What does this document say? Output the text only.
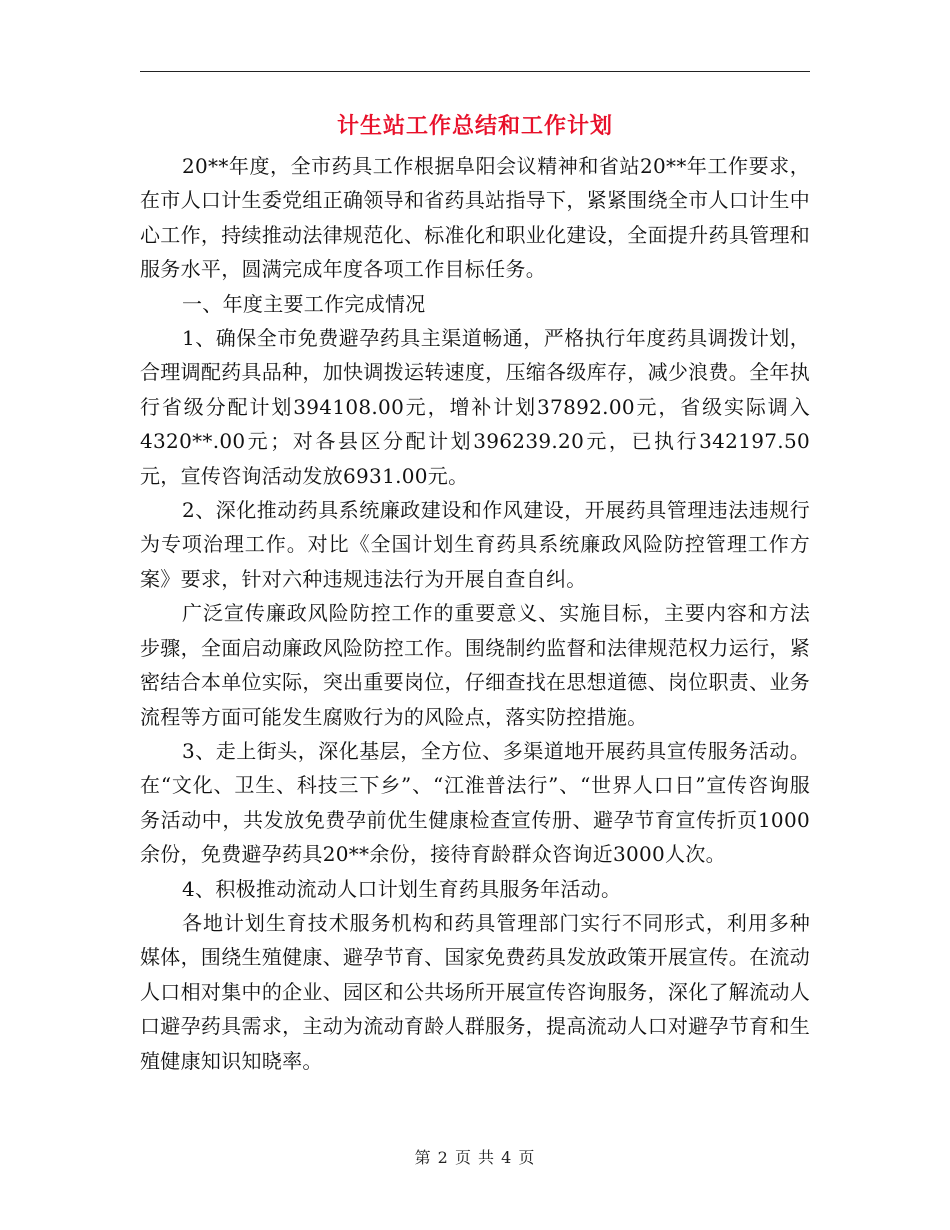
计生站工作总结和工作计划

20**年度，全市药具工作根据阜阳会议精神和省站20**年工作要求，在市人口计生委党组正确领导和省药具站指导下，紧紧围绕全市人口计生中心工作，持续推动法律规范化、标准化和职业化建设，全面提升药具管理和服务水平，圆满完成年度各项工作目标任务。

一、年度主要工作完成情况

1、确保全市免费避孕药具主渠道畅通，严格执行年度药具调拨计划，合理调配药具品种，加快调拨运转速度，压缩各级库存，减少浪费。全年执行省级分配计划394108.00元，增补计划37892.00元，省级实际调入4320**.00元；对各县区分配计划396239.20元，已执行342197.50元，宣传咨询活动发放6931.00元。

2、深化推动药具系统廉政建设和作风建设，开展药具管理违法违规行为专项治理工作。对比《全国计划生育药具系统廉政风险防控管理工作方案》要求，针对六种违规违法行为开展自查自纠。

广泛宣传廉政风险防控工作的重要意义、实施目标，主要内容和方法步骤，全面启动廉政风险防控工作。围绕制约监督和法律规范权力运行，紧密结合本单位实际，突出重要岗位，仔细查找在思想道德、岗位职责、业务流程等方面可能发生腐败行为的风险点，落实防控措施。

3、走上街头，深化基层，全方位、多渠道地开展药具宣传服务活动。在“文化、卫生、科技三下乡”、“江淮普法行”、“世界人口日”宣传咨询服务活动中，共发放免费孕前优生健康检查宣传册、避孕节育宣传折页1000余份，免费避孕药具20**余份，接待育龄群众咨询近3000人次。

4、积极推动流动人口计划生育药具服务年活动。

各地计划生育技术服务机构和药具管理部门实行不同形式，利用多种媒体，围绕生殖健康、避孕节育、国家免费药具发放政策开展宣传。在流动人口相对集中的企业、园区和公共场所开展宣传咨询服务，深化了解流动人口避孕药具需求，主动为流动育龄人群服务，提高流动人口对避孕节育和生殖健康知识知晓率。

第 2 页 共 4 页
